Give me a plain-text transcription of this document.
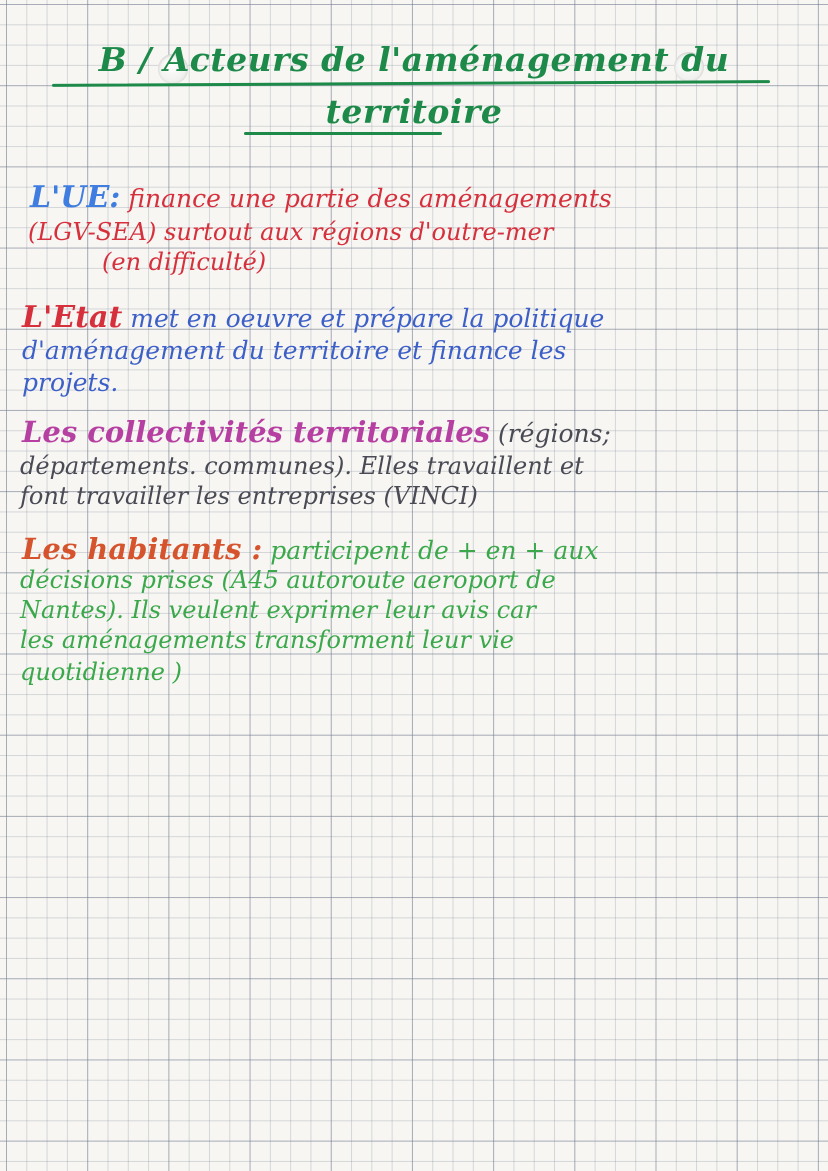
B / Acteurs de l'aménagement du
territoire
L'UE: finance une partie des aménagements
(LGV-SEA) surtout aux régions d'outre-mer
(en difficulté)
L'Etat met en oeuvre et prépare la politique
d'aménagement du territoire et finance les
projets.
Les collectivités territoriales (régions;
départements. communes). Elles travaillent et
font travailler les entreprises (VINCI)
Les habitants : participent de + en + aux
décisions prises (A45 autoroute aeroport de
Nantes). Ils veulent exprimer leur avis car
les aménagements transforment leur vie
quotidienne )
